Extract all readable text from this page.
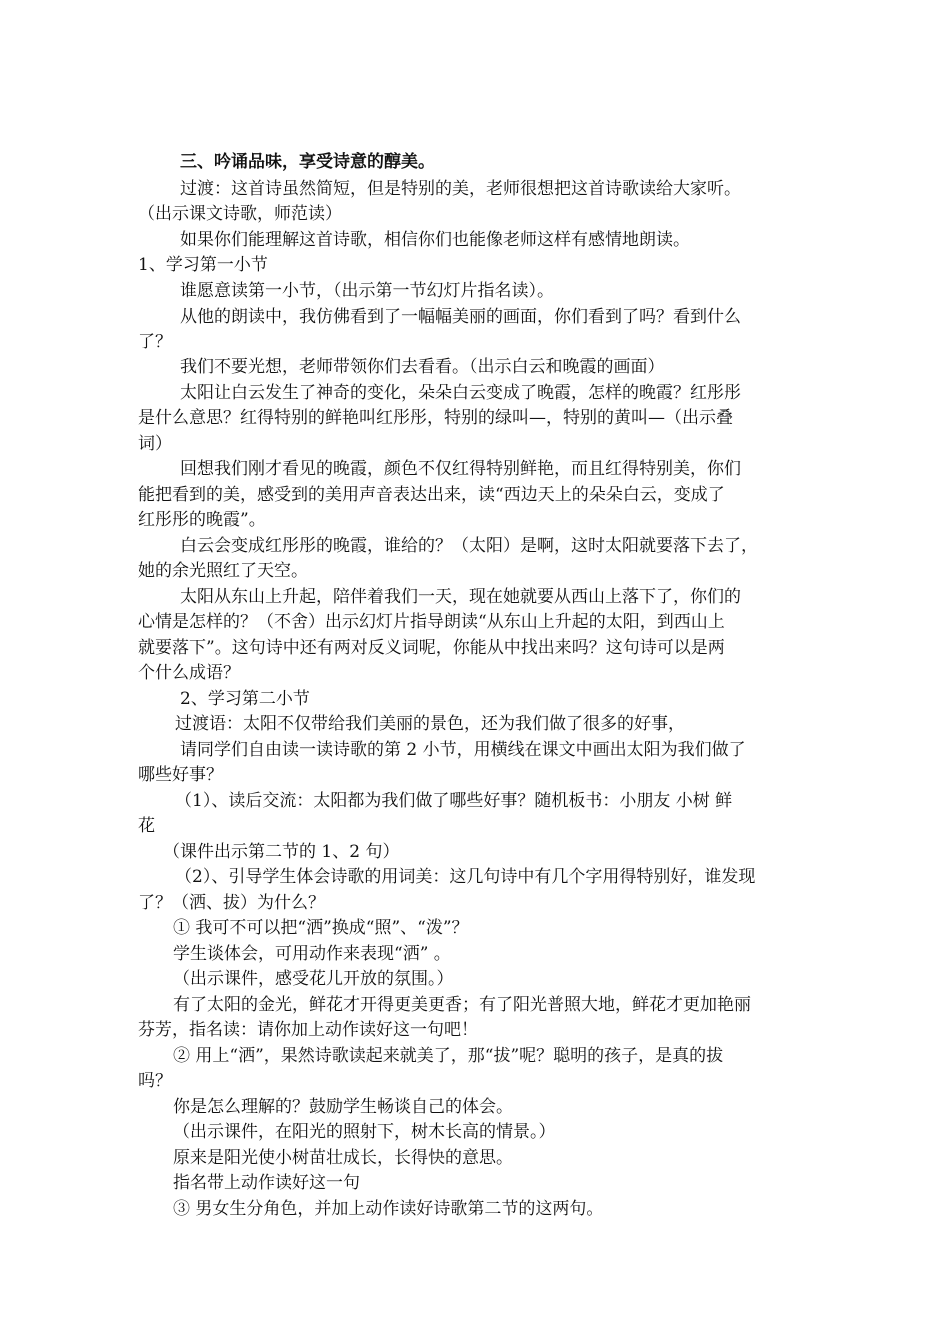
三、吟诵品味，享受诗意的醇美。
过渡：这首诗虽然简短，但是特别的美，老师很想把这首诗歌读给大家听。
（出示课文诗歌，师范读）
如果你们能理解这首诗歌，相信你们也能像老师这样有感情地朗读。
1、学习第一小节
谁愿意读第一小节，（出示第一节幻灯片指名读）。
从他的朗读中，我仿佛看到了一幅幅美丽的画面，你们看到了吗？看到什么
了？
我们不要光想，老师带领你们去看看。（出示白云和晚霞的画面）
太阳让白云发生了神奇的变化，朵朵白云变成了晚霞，怎样的晚霞？红彤彤
是什么意思？红得特别的鲜艳叫红彤彤，特别的绿叫—，特别的黄叫—（出示叠
词）
回想我们刚才看见的晚霞，颜色不仅红得特别鲜艳，而且红得特别美，你们
能把看到的美，感受到的美用声音表达出来，读“西边天上的朵朵白云，变成了
红彤彤的晚霞”。
白云会变成红彤彤的晚霞，谁给的？（太阳）是啊，这时太阳就要落下去了，
她的余光照红了天空。
太阳从东山上升起，陪伴着我们一天，现在她就要从西山上落下了，你们的
心情是怎样的？（不舍）出示幻灯片指导朗读“从东山上升起的太阳，到西山上
就要落下”。这句诗中还有两对反义词呢，你能从中找出来吗？这句诗可以是两
个什么成语？
2、学习第二小节
过渡语：太阳不仅带给我们美丽的景色，还为我们做了很多的好事，
请同学们自由读一读诗歌的第 2 小节，用横线在课文中画出太阳为我们做了
哪些好事？
（1）、读后交流：太阳都为我们做了哪些好事？随机板书：小朋友 小树 鲜
花
（课件出示第二节的 1、2 句）
（2）、引导学生体会诗歌的用词美：这几句诗中有几个字用得特别好，谁发现
了？（洒、拔）为什么？
① 我可不可以把“洒”换成“照”、“泼”？
学生谈体会，可用动作来表现“洒” 。
（出示课件，感受花儿开放的氛围。）
有了太阳的金光，鲜花才开得更美更香；有了阳光普照大地，鲜花才更加艳丽
芬芳，指名读：请你加上动作读好这一句吧！
② 用上“洒”，果然诗歌读起来就美了，那“拔”呢？聪明的孩子，是真的拔
吗？
你是怎么理解的？鼓励学生畅谈自己的体会。
（出示课件，在阳光的照射下，树木长高的情景。）
原来是阳光使小树苗壮成长，长得快的意思。
指名带上动作读好这一句
③ 男女生分角色，并加上动作读好诗歌第二节的这两句。
